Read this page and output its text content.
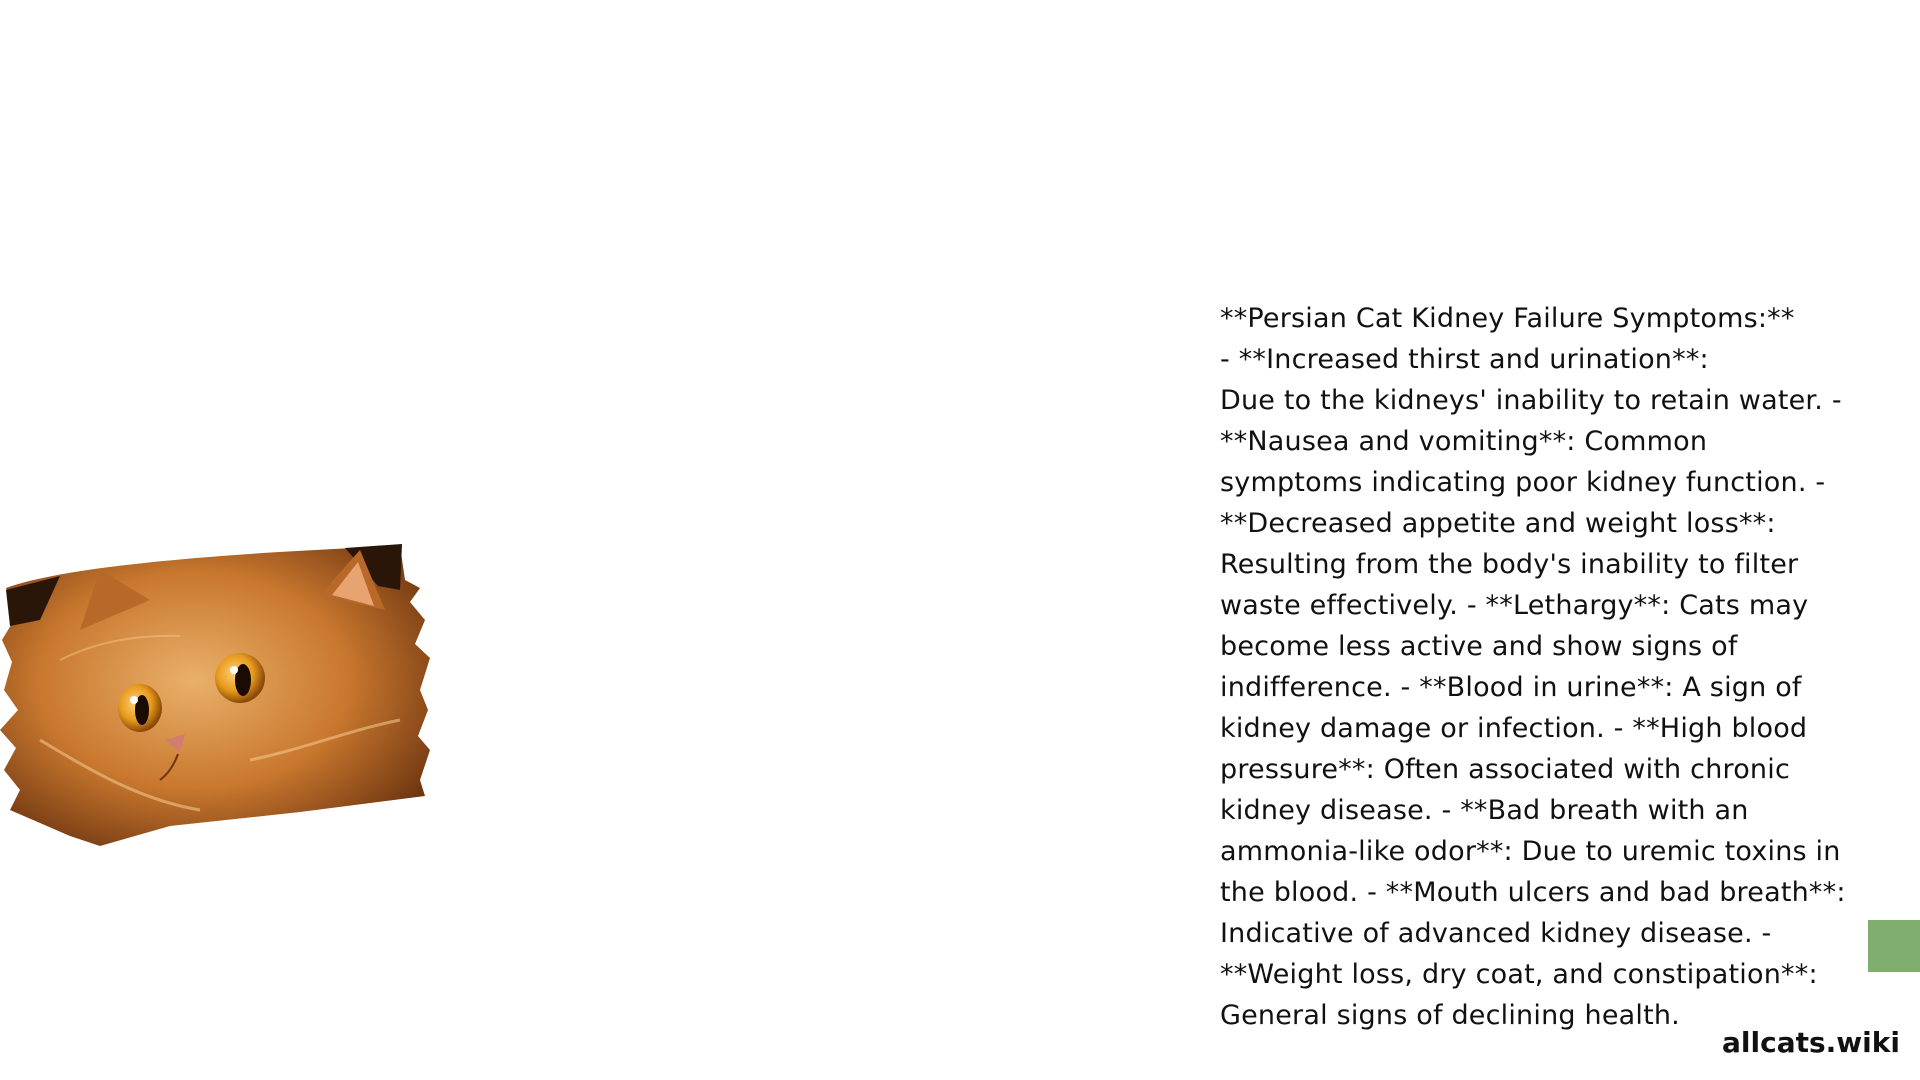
**Persian Cat Kidney Failure Symptoms:**
- **Increased thirst and urination**:
Due to the kidneys' inability to retain water. - **Nausea and vomiting**: Common symptoms indicating poor kidney function. - **Decreased appetite and weight loss**: Resulting from the body's inability to filter waste effectively. - **Lethargy**: Cats may become less active and show signs of indifference. - **Blood in urine**: A sign of kidney damage or infection. - **High blood pressure**: Often associated with chronic kidney disease. - **Bad breath with an ammonia-like odor**: Due to uremic toxins in the blood. - **Mouth ulcers and bad breath**: Indicative of advanced kidney disease. - **Weight loss, dry coat, and constipation**: General signs of declining health.

allcats.wiki
